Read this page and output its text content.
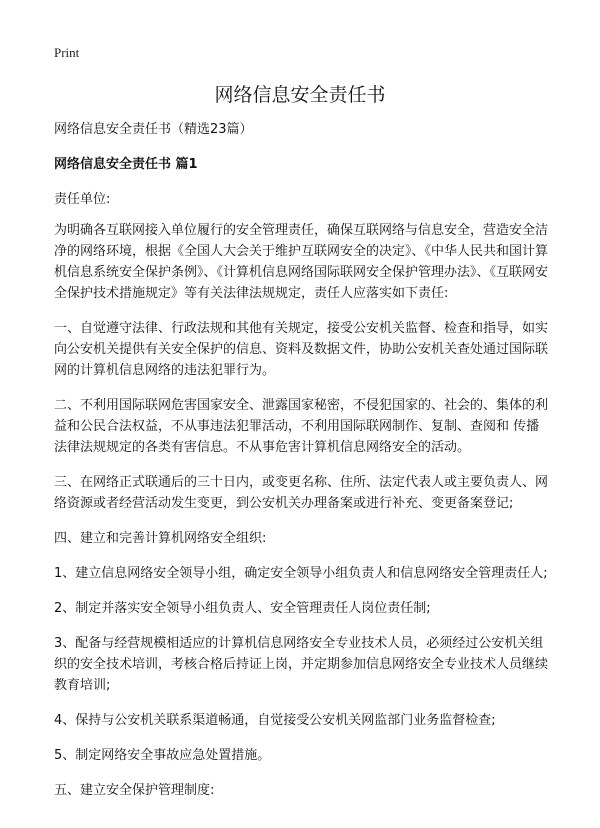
Print
网络信息安全责任书

网络信息安全责任书（精选23篇）

网络信息安全责任书 篇1

责任单位:

为明确各互联网接入单位履行的安全管理责任，确保互联网络与信息安全，营造安全洁净的网络环境，根据《全国人大会关于维护互联网安全的决定》、《中华人民共和国计算机信息系统安全保护条例》、《计算机信息网络国际联网安全保护管理办法》、《互联网安全保护技术措施规定》等有关法律法规规定，责任人应落实如下责任:

一、自觉遵守法律、行政法规和其他有关规定，接受公安机关监督、检查和指导，如实向公安机关提供有关安全保护的信息、资料及数据文件，协助公安机关查处通过国际联网的计算机信息网络的违法犯罪行为。

二、不利用国际联网危害国家安全、泄露国家秘密，不侵犯国家的、社会的、集体的利益和公民合法权益，不从事违法犯罪活动，不利用国际联网制作、复制、查阅和 传播法律法规规定的各类有害信息。不从事危害计算机信息网络安全的活动。

三、在网络正式联通后的三十日内，或变更名称、住所、法定代表人或主要负责人、网络资源或者经营活动发生变更，到公安机关办理备案或进行补充、变更备案登记;

四、建立和完善计算机网络安全组织:

1、建立信息网络安全领导小组，确定安全领导小组负责人和信息网络安全管理责任人;

2、制定并落实安全领导小组负责人、安全管理责任人岗位责任制;

3、配备与经营规模相适应的计算机信息网络安全专业技术人员，必须经过公安机关组织的安全技术培训，考核合格后持证上岗，并定期参加信息网络安全专业技术人员继续教育培训;

4、保持与公安机关联系渠道畅通，自觉接受公安机关网监部门业务监督检查;

5、制定网络安全事故应急处置措施。

五、建立安全保护管理制度:
